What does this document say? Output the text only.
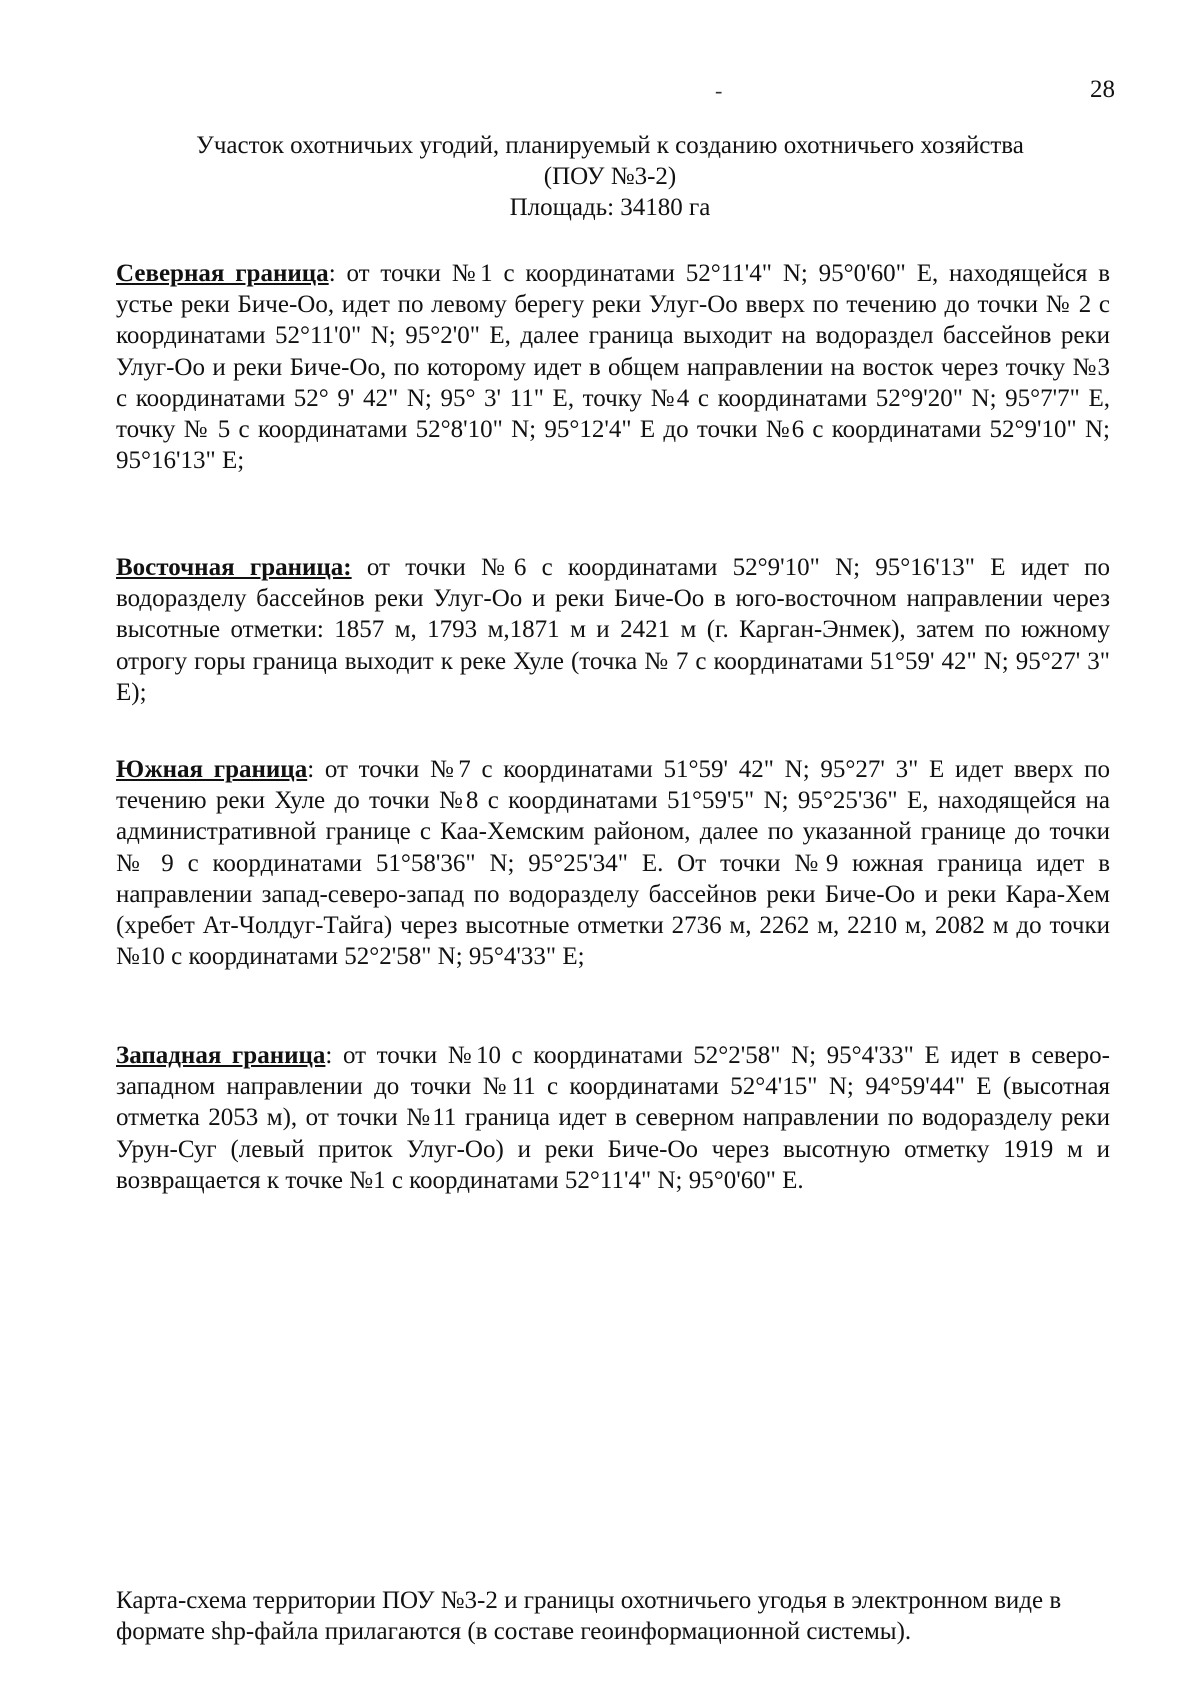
-	28
Участок охотничьих угодий, планируемый к созданию охотничьего хозяйства
(ПОУ №3-2)
Площадь: 34180 га

Северная граница: от точки №1 с координатами 52°11'4" N; 95°0'60" E, находящейся в устье реки Биче-Оо, идет по левому берегу реки Улуг-Оо вверх по течению до точки № 2 с координатами 52°11'0" N; 95°2'0" E, далее граница выходит на водораздел бассейнов реки Улуг-Оо и реки Биче-Оо, по которому идет в общем направлении на восток через точку №3 с координатами 52° 9' 42" N; 95° 3' 11" E, точку №4 с координатами 52°9'20" N; 95°7'7" E, точку № 5 с координатами 52°8'10" N; 95°12'4" E до точки №6 с координатами 52°9'10" N; 95°16'13" E;

Восточная граница: от точки №6 с координатами 52°9'10" N; 95°16'13" E идет по водоразделу бассейнов реки Улуг-Оо и реки Биче-Оо в юго-восточном направлении через высотные отметки: 1857 м, 1793 м,1871 м и 2421 м (г. Карган-Энмек), затем по южному отрогу горы граница выходит к реке Хуле (точка № 7 с координатами 51°59' 42" N; 95°27' 3" E);

Южная граница: от точки №7 с координатами 51°59' 42" N; 95°27' 3" E идет вверх по течению реки Хуле до точки №8 с координатами 51°59'5" N; 95°25'36" E, находящейся на административной границе с Каа-Хемским районом, далее по указанной границе до точки № 9 с координатами 51°58'36" N; 95°25'34" E. От точки №9 южная граница идет в направлении запад-северо-запад по водоразделу бассейнов реки Биче-Оо и реки Кара-Хем (хребет Ат-Чолдуг-Тайга) через высотные отметки 2736 м, 2262 м, 2210 м, 2082 м до точки №10 с координатами 52°2'58" N; 95°4'33" E;

Западная граница: от точки №10 с координатами 52°2'58" N; 95°4'33" E идет в северо-западном направлении до точки №11 с координатами 52°4'15" N; 94°59'44" E (высотная отметка 2053 м), от точки №11 граница идет в северном направлении по водоразделу реки Урун-Суг (левый приток Улуг-Оо) и реки Биче-Оо через высотную отметку 1919 м и возвращается к точке №1 с координатами 52°11'4" N; 95°0'60" E.

Карта-схема территории ПОУ №3-2 и границы охотничьего угодья в электронном виде в формате shp-файла прилагаются (в составе геоинформационной системы).
